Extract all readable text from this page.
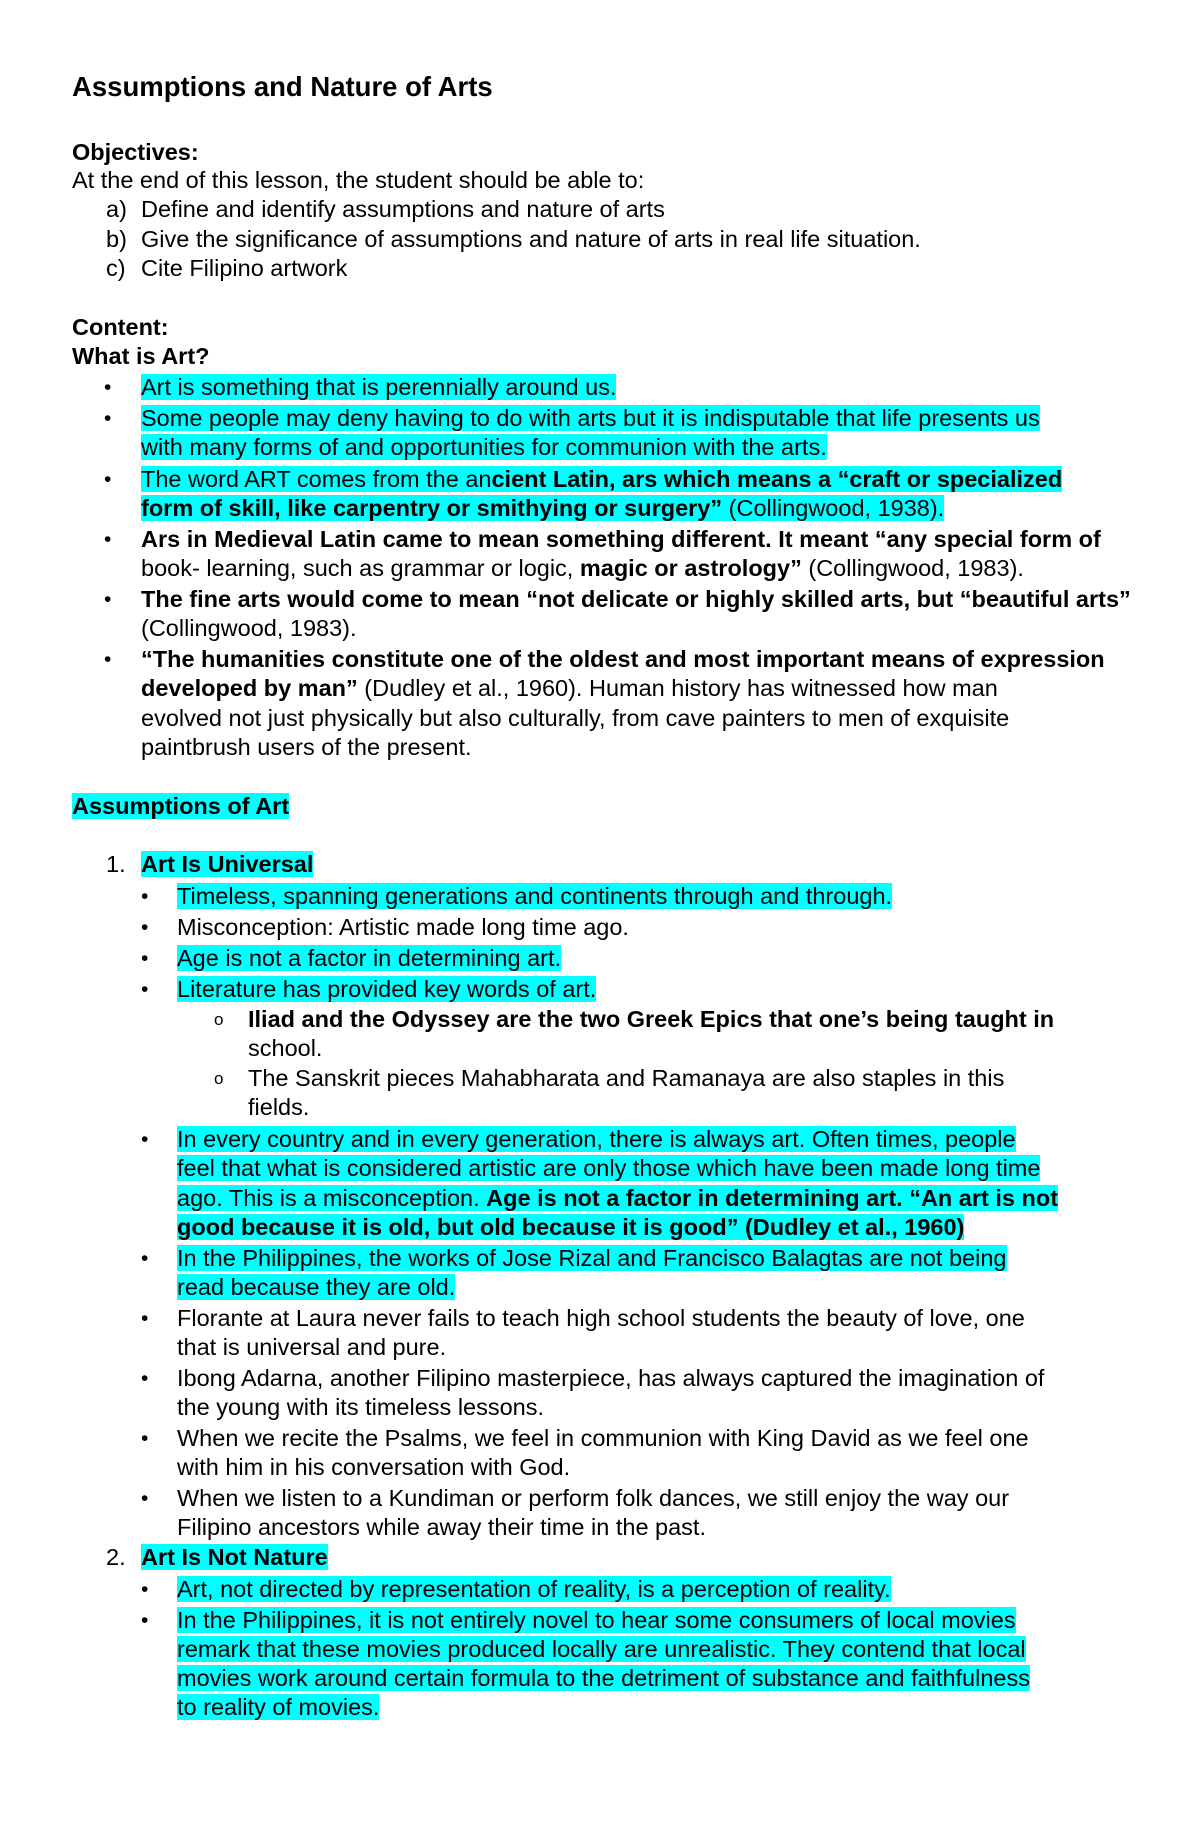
Assumptions and Nature of Arts
Objectives:
At the end of this lesson, the student should be able to:
a) Define and identify assumptions and nature of arts
b) Give the significance of assumptions and nature of arts in real life situation.
c) Cite Filipino artwork
Content:
What is Art?
• Art is something that is perennially around us.
• Some people may deny having to do with arts but it is indisputable that life presents us
with many forms of and opportunities for communion with the arts.
• The word ART comes from the ancient Latin, ars which means a “craft or specialized
form of skill, like carpentry or smithying or surgery” (Collingwood, 1938).
• Ars in Medieval Latin came to mean something different. It meant “any special form of
book- learning, such as grammar or logic, magic or astrology” (Collingwood, 1983).
• The fine arts would come to mean “not delicate or highly skilled arts, but “beautiful arts”
(Collingwood, 1983).
• “The humanities constitute one of the oldest and most important means of expression
developed by man” (Dudley et al., 1960). Human history has witnessed how man
evolved not just physically but also culturally, from cave painters to men of exquisite
paintbrush users of the present.
Assumptions of Art
1. Art Is Universal
• Timeless, spanning generations and continents through and through.
• Misconception: Artistic made long time ago.
• Age is not a factor in determining art.
• Literature has provided key words of art.
o Iliad and the Odyssey are the two Greek Epics that one’s being taught in
school.
o The Sanskrit pieces Mahabharata and Ramanaya are also staples in this
fields.
• In every country and in every generation, there is always art. Often times, people
feel that what is considered artistic are only those which have been made long time
ago. This is a misconception. Age is not a factor in determining art. “An art is not
good because it is old, but old because it is good” (Dudley et al., 1960)
• In the Philippines, the works of Jose Rizal and Francisco Balagtas are not being
read because they are old.
• Florante at Laura never fails to teach high school students the beauty of love, one
that is universal and pure.
• Ibong Adarna, another Filipino masterpiece, has always captured the imagination of
the young with its timeless lessons.
• When we recite the Psalms, we feel in communion with King David as we feel one
with him in his conversation with God.
• When we listen to a Kundiman or perform folk dances, we still enjoy the way our
Filipino ancestors while away their time in the past.
2. Art Is Not Nature
• Art, not directed by representation of reality, is a perception of reality.
• In the Philippines, it is not entirely novel to hear some consumers of local movies
remark that these movies produced locally are unrealistic. They contend that local
movies work around certain formula to the detriment of substance and faithfulness
to reality of movies.
